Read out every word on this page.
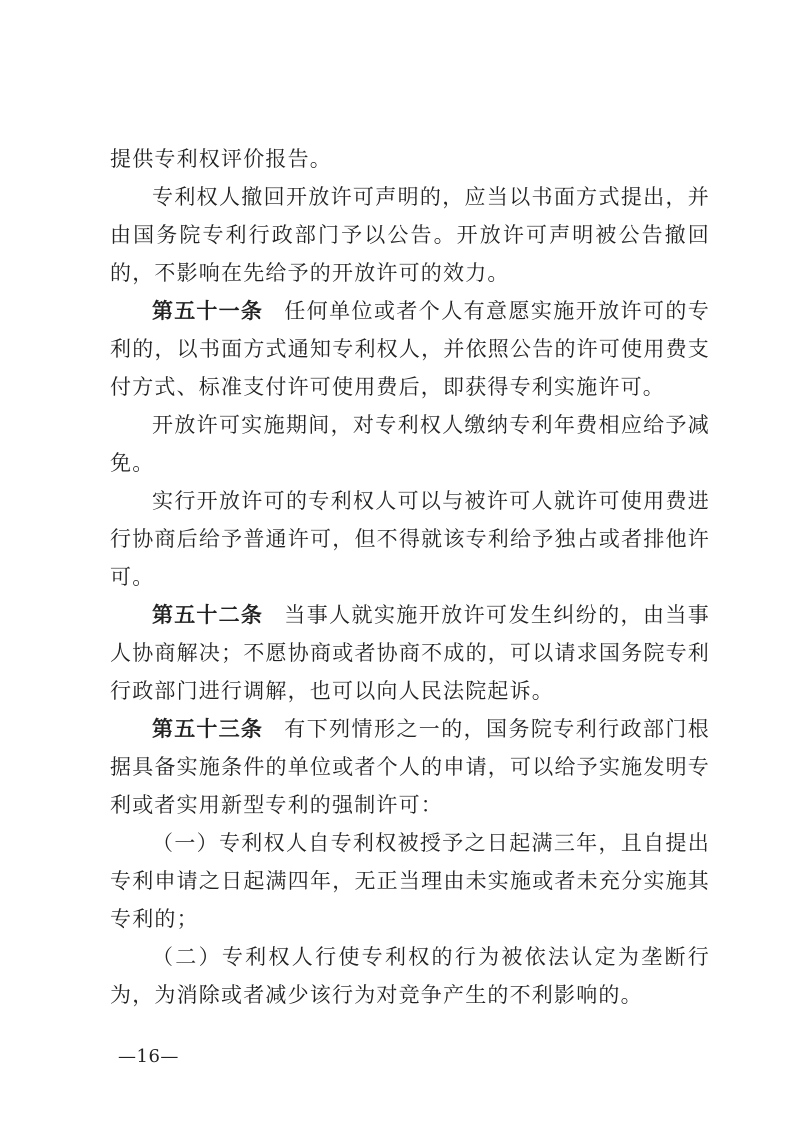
提供专利权评价报告。

专利权人撤回开放许可声明的，应当以书面方式提出，并由国务院专利行政部门予以公告。开放许可声明被公告撤回的，不影响在先给予的开放许可的效力。

第五十一条 任何单位或者个人有意愿实施开放许可的专利的，以书面方式通知专利权人，并依照公告的许可使用费支付方式、标准支付许可使用费后，即获得专利实施许可。

开放许可实施期间，对专利权人缴纳专利年费相应给予减免。

实行开放许可的专利权人可以与被许可人就许可使用费进行协商后给予普通许可，但不得就该专利给予独占或者排他许可。

第五十二条 当事人就实施开放许可发生纠纷的，由当事人协商解决；不愿协商或者协商不成的，可以请求国务院专利行政部门进行调解，也可以向人民法院起诉。

第五十三条 有下列情形之一的，国务院专利行政部门根据具备实施条件的单位或者个人的申请，可以给予实施发明专利或者实用新型专利的强制许可：

（一）专利权人自专利权被授予之日起满三年，且自提出专利申请之日起满四年，无正当理由未实施或者未充分实施其专利的；

（二）专利权人行使专利权的行为被依法认定为垄断行为，为消除或者减少该行为对竞争产生的不利影响的。

—16—
